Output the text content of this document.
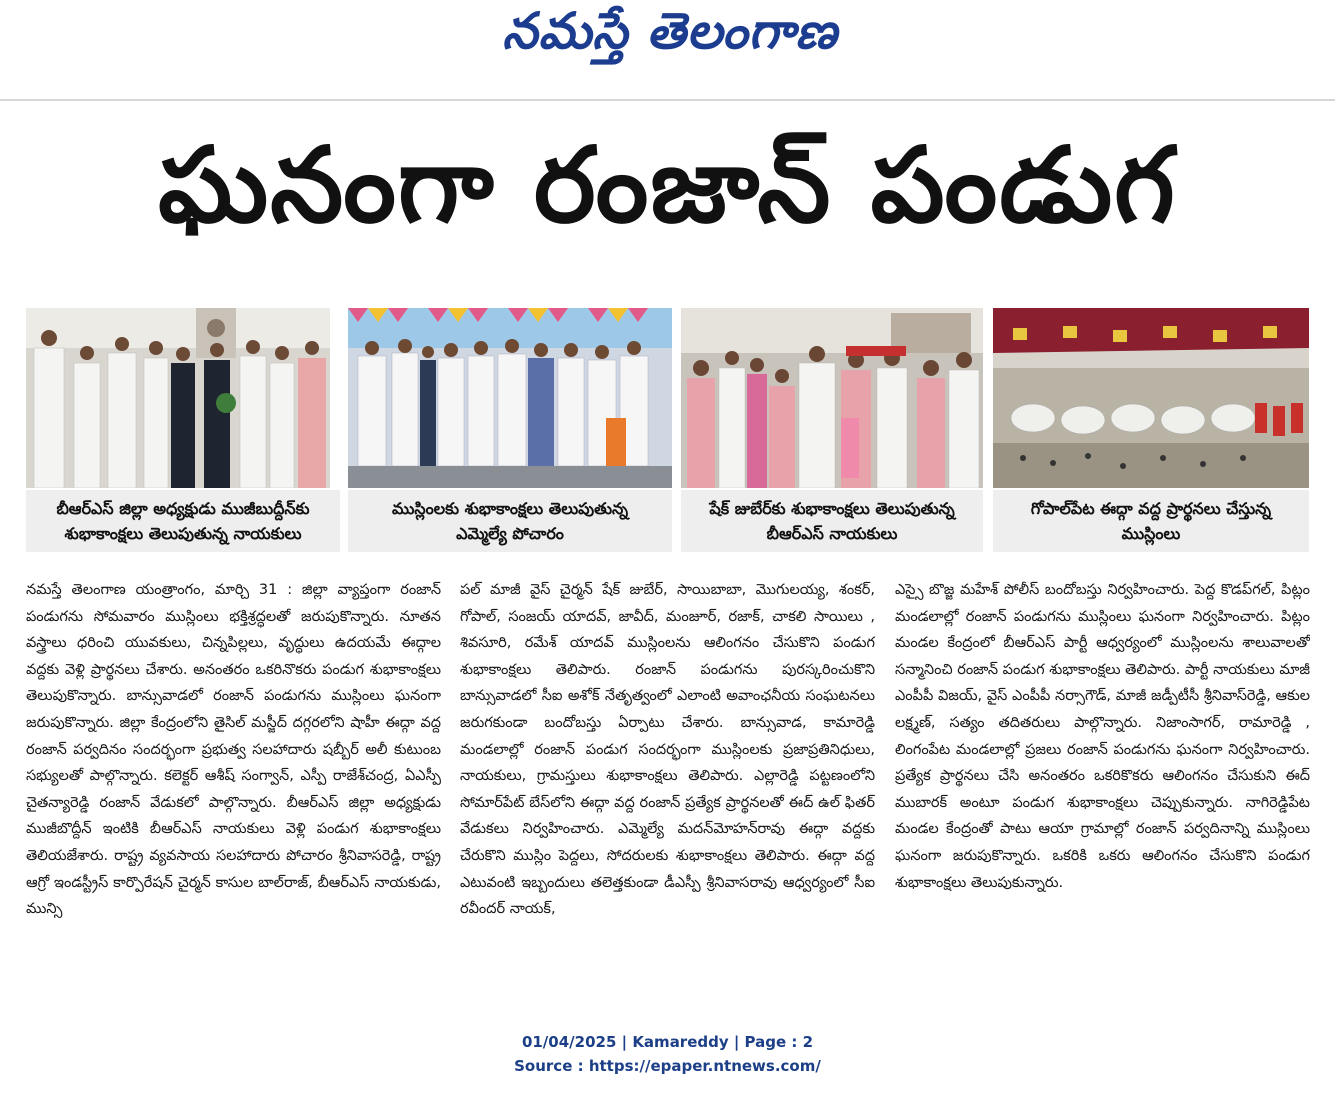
నమస్తే తెలంగాణ
ఘనంగా రంజాన్ పండుగ
బీఆర్ఎస్ జిల్లా అధ్యక్షుడు ముజీబుద్దీన్‌కు
శుభాకాంక్షలు తెలుపుతున్న నాయకులు
ముస్లింలకు శుభాకాంక్షలు తెలుపుతున్న
ఎమ్మెల్యే పోచారం
షేక్ జుబేర్‌కు శుభాకాంక్షలు తెలుపుతున్న
బీఆర్ఎస్ నాయకులు
గోపాల్‌పేట ఈద్గా వద్ద ప్రార్థనలు చేస్తున్న
ముస్లింలు

నమస్తే తెలంగాణ యంత్రాంగం, మార్చి 31 : జిల్లా వ్యాప్తంగా రంజాన్ పండుగను సోమవారం ముస్లింలు భక్తిశ్రద్ధలతో జరుపుకొన్నారు. నూతన వస్త్రాలు ధరించి యువకులు, చిన్నపిల్లలు, వృద్ధులు ఉదయమే ఈద్గాల వద్దకు వెళ్లి ప్రార్థనలు చేశారు. అనంతరం ఒకరినొకరు పండుగ శుభాకాంక్షలు తెలుపుకొన్నారు. బాన్సువాడలో రంజాన్ పండుగను ముస్లింలు ఘనంగా జరుపుకొన్నారు. జిల్లా కేంద్రంలోని తైసిల్ మస్జీద్ దగ్గరలోని షాహీ ఈద్గా వద్ద రంజాన్ పర్వదినం సందర్భంగా ప్రభుత్వ సలహాదారు షబ్బీర్ అలీ కుటుంబ సభ్యులతో పాల్గొన్నారు. కలెక్టర్ ఆశీష్ సంగ్వాన్, ఎస్పీ రాజేశ్‌చంద్ర, ఏఎస్పీ చైతన్యారెడ్డి రంజాన్ వేడుకలో పాల్గొన్నారు. బీఆర్ఎస్ జిల్లా అధ్యక్షుడు ముజీబొద్దీన్ ఇంటికి బీఆర్ఎస్ నాయకులు వెళ్లి పండుగ శుభాకాంక్షలు తెలియజేశారు. రాష్ట్ర వ్యవసాయ సలహాదారు పోచారం శ్రీనివాసరెడ్డి, రాష్ట్ర ఆగ్రో ఇండస్ట్రీస్ కార్పొరేషన్ చైర్మన్ కాసుల బాల్‌రాజ్, బీఆర్ఎస్ నాయకుడు, మున్సి

పల్ మాజీ వైస్ చైర్మన్ షేక్ జుబేర్, సాయిబాబా, మొగులయ్య, శంకర్, గోపాల్, సంజయ్ యాదవ్, జావీద్, మంజూర్, రజాక్, చాకలి సాయిలు , శివసూరి, రమేశ్ యాదవ్ ముస్లింలను ఆలింగనం చేసుకొని పండుగ శుభాకాంక్షలు తెలిపారు. రంజాన్ పండుగను పురస్కరించుకొని బాన్సువాడలో సీఐ అశోక్ నేతృత్వంలో ఎలాంటి అవాంఛనీయ సంఘటనలు జరుగకుండా బందోబస్తు ఏర్పాటు చేశారు. బాన్సువాడ, కామారెడ్డి మండలాల్లో రంజాన్ పండుగ సందర్భంగా ముస్లింలకు ప్రజాప్రతినిధులు, నాయకులు, గ్రామస్తులు శుభాకాంక్షలు తెలిపారు. ఎల్లారెడ్డి పట్టణంలోని సోమార్‌పేట్ బేస్‌లోని ఈద్గా వద్ద రంజాన్ ప్రత్యేక ప్రార్థనలతో ఈద్ ఉల్ ఫితర్ వేడుకలు నిర్వహించారు. ఎమ్మెల్యే మదన్‌మోహన్‌రావు ఈద్గా వద్దకు చేరుకొని ముస్లిం పెద్దలు, సోదరులకు శుభాకాంక్షలు తెలిపారు. ఈద్గా వద్ద ఎటువంటి ఇబ్బందులు తలెత్తకుండా డీఎస్పీ శ్రీనివాసరావు ఆధ్వర్యంలో సీఐ రవీందర్ నాయక్,

ఎస్సై బొజ్జ మహేశ్ పోలీస్ బందోబస్తు నిర్వహించారు. పెద్ద కొడప్‌గల్, పిట్లం మండలాల్లో రంజాన్ పండుగను ముస్లింలు ఘనంగా నిర్వహించారు. పిట్లం మండల కేంద్రంలో బీఆర్ఎస్ పార్టీ ఆధ్వర్యంలో ముస్లింలను శాలువాలతో సన్మానించి రంజాన్ పండుగ శుభాకాంక్షలు తెలిపారు. పార్టీ నాయకులు మాజీ ఎంపీపీ విజయ్, వైస్ ఎంపీపీ నర్సాగౌడ్, మాజీ జడ్పీటీసీ శ్రీనివాస్‌రెడ్డి, ఆకుల లక్ష్మణ్, సత్యం తదితరులు పాల్గొన్నారు. నిజాంసాగర్, రామారెడ్డి , లింగంపేట మండలాల్లో ప్రజలు రంజాన్ పండుగను ఘనంగా నిర్వహించారు. ప్రత్యేక ప్రార్థనలు చేసి అనంతరం ఒకరికొకరు ఆలింగనం చేసుకుని ఈద్ ముబారక్ అంటూ పండుగ శుభాకాంక్షలు చెప్పుకున్నారు. నాగిరెడ్డిపేట మండల కేంద్రంతో పాటు ఆయా గ్రామాల్లో రంజాన్ పర్వదినాన్ని ముస్లింలు ఘనంగా జరుపుకొన్నారు. ఒకరికి ఒకరు ఆలింగనం చేసుకొని పండుగ శుభాకాంక్షలు తెలుపుకున్నారు.

01/04/2025 | Kamareddy | Page : 2
Source : https://epaper.ntnews.com/
